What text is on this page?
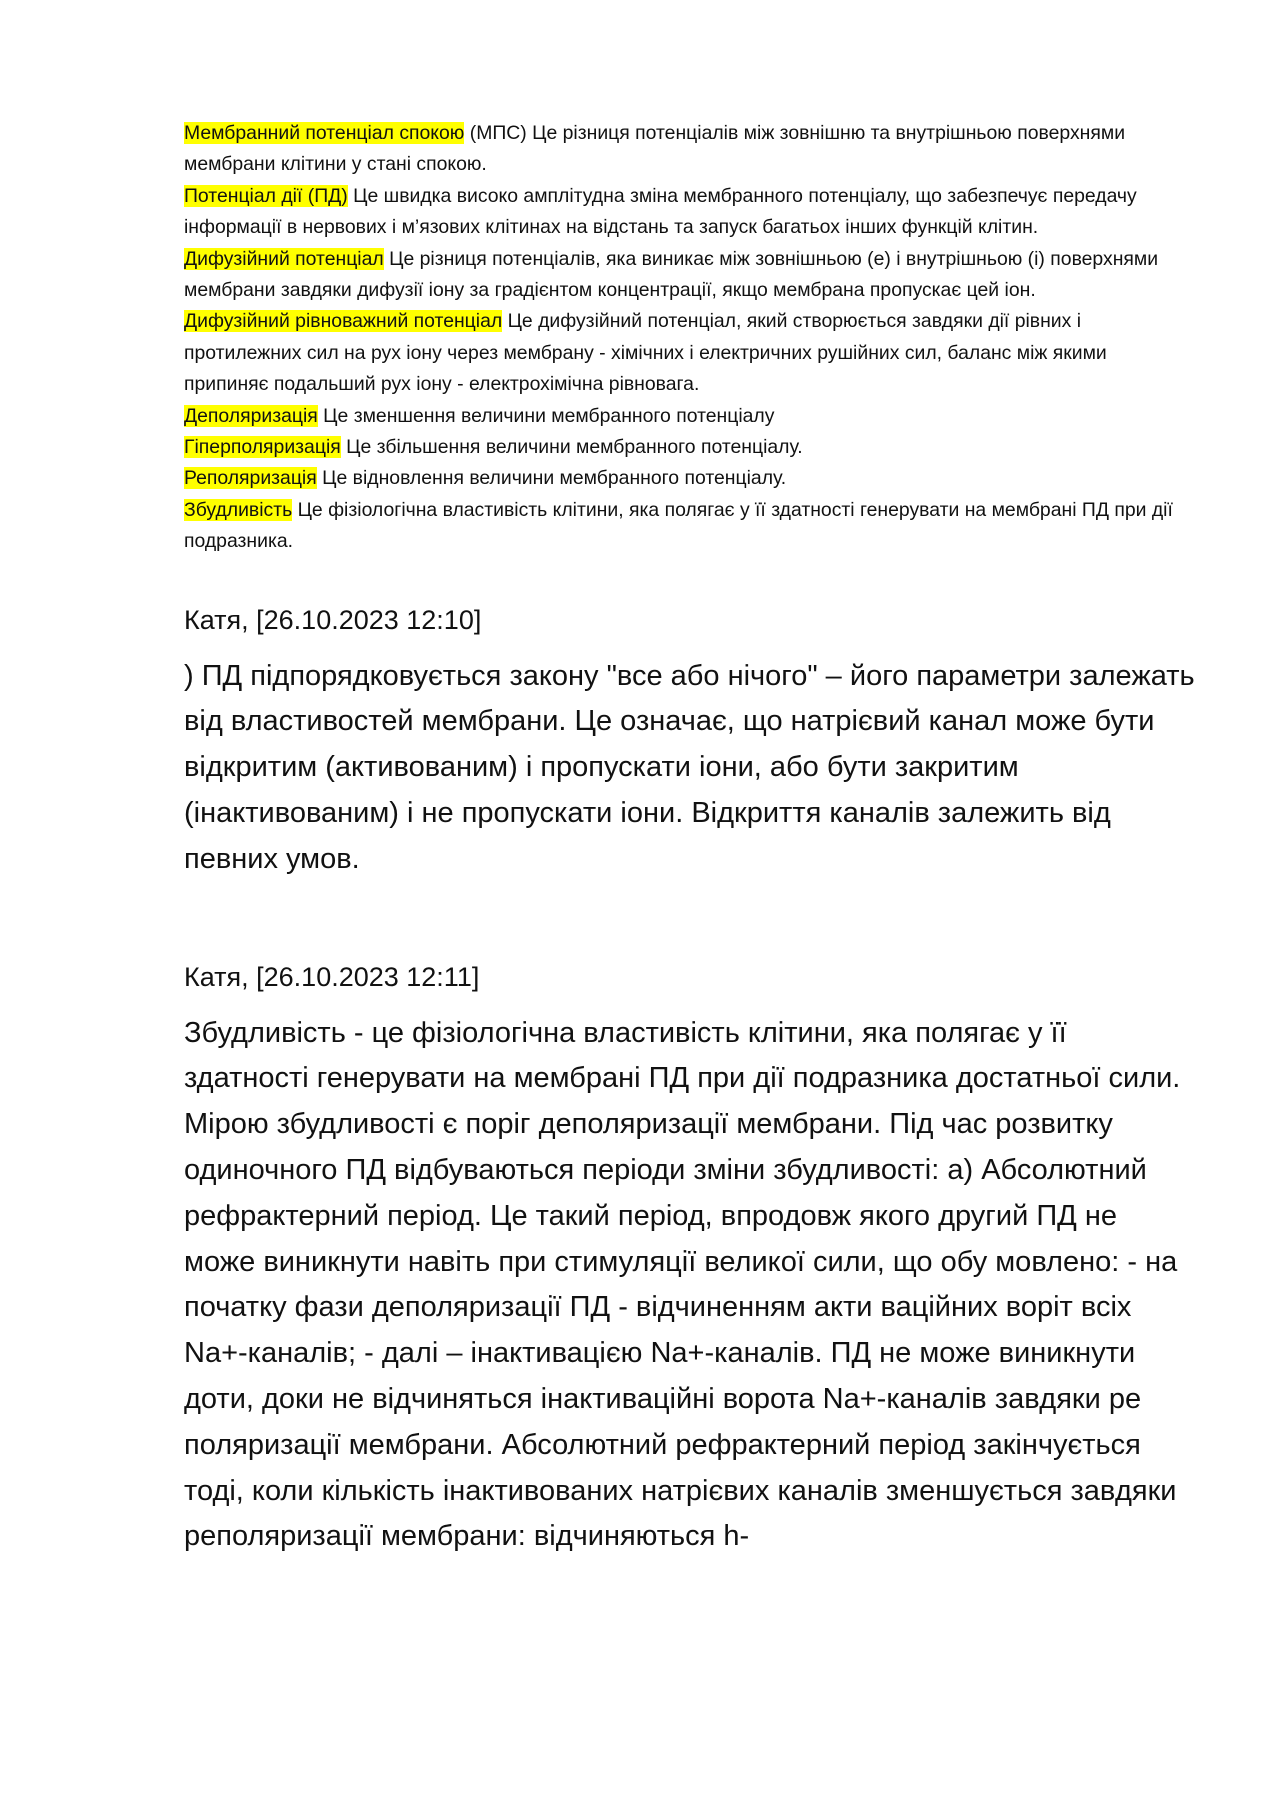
Мембранний потенціал спокою (МПС) Це різниця потенціалів між зовнішню та внутрішньою поверхнями мембрани клітини у стані спокою.

Потенціал дії (ПД) Це швидка високо амплітудна зміна мембранного потенціалу, що забезпечує передачу інформації в нервових і м’язових клітинах на відстань та запуск багатьох інших функцій клітин.

Дифузійний потенціал Це різниця потенціалів, яка виникає між зовнішньою (е) і внутрішньою (і) поверхнями мембрани завдяки дифузії іону за градієнтом концентрації, якщо мембрана пропускає цей іон.

Дифузійний рівноважний потенціал Це дифузійний потенціал, який створюється завдяки дії рівних і протилежних сил на рух іону через мембрану - хімічних і електричних рушійних сил, баланс між якими припиняє подальший рух іону - електрохімічна рівновага.

Деполяризація Це зменшення величини мембранного потенціалу

Гіперполяризація Це збільшення величини мембранного потенціалу.

Реполяризація Це відновлення величини мембранного потенціалу.

Збудливість Це фізіологічна властивість клітини, яка полягає у її здатності генерувати на мембрані ПД при дії подразника.

Катя, [26.10.2023 12:10]

) ПД підпорядковується закону "все або нічого" – його параметри залежать від властивостей мембрани. Це означає, що натрієвий канал може бути відкритим (активованим) і пропускати іони, або бути закритим (інактивованим) і не пропускати іони. Відкриття каналів залежить від певних умов.

Катя, [26.10.2023 12:11]

Збудливість - це фізіологічна властивість клітини, яка полягає у її здатності генерувати на мембрані ПД при дії подразника достатньої сили. Мірою збудливості є поріг деполяризації мембрани. Під час розвитку одиночного ПД відбуваються періоди зміни збудливості: а) Абсолютний рефрактерний період. Це такий період, впродовж якого другий ПД не може виникнути навіть при стимуляції великої сили, що обу мовлено: - на початку фази деполяризації ПД - відчиненням акти ваційних воріт всіх Na+-каналів; - далі – інактивацією Na+-каналів. ПД не може виникнути доти, доки не відчиняться інактиваційні ворота Na+-каналів завдяки ре поляризації мембрани. Абсолютний рефрактерний період закінчується тоді, коли кількість інактивованих натрієвих каналів зменшується завдяки реполяризації мембрани: відчиняються h-
